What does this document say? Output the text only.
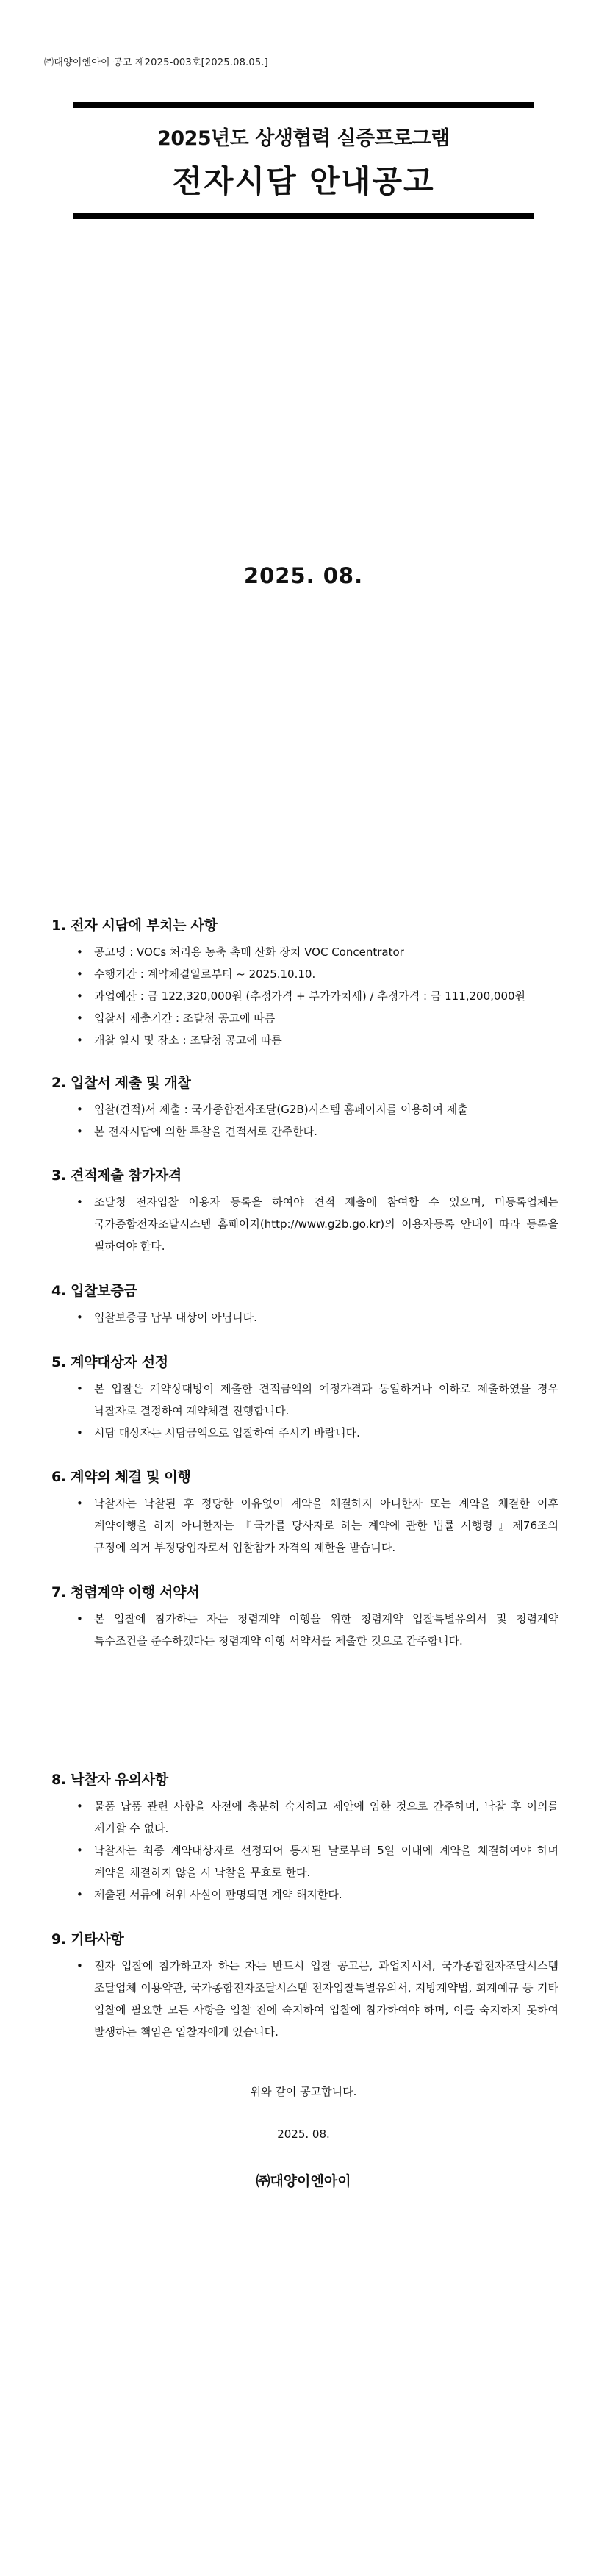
㈜대양이엔아이 공고 제2025-003호[2025.08.05.]
2025년도 상생협력 실증프로그램
전자시담 안내공고
2025. 08.
1. 전자 시담에 부치는 사항
• 공고명 : VOCs 처리용 농축 촉매 산화 장치 VOC Concentrator
• 수행기간 : 계약체결일로부터 ~ 2025.10.10.
• 과업예산 : 금 122,320,000원 (추정가격 + 부가가치세) / 추정가격 : 금 111,200,000원
• 입찰서 제출기간 : 조달청 공고에 따름
• 개찰 일시 및 장소 : 조달청 공고에 따름
2. 입찰서 제출 및 개찰
• 입찰(견적)서 제출 : 국가종합전자조달(G2B)시스템 홈페이지를 이용하여 제출
• 본 전자시담에 의한 투찰을 견적서로 간주한다.
3. 견적제출 참가자격
• 조달청 전자입찰 이용자 등록을 하여야 견적 제출에 참여할 수 있으며, 미등록업체는 국가종합전자조달시스템 홈페이지(http://www.g2b.go.kr)의 이용자등록 안내에 따라 등록을 필하여야 한다.
4. 입찰보증금
• 입찰보증금 납부 대상이 아닙니다.
5. 계약대상자 선정
• 본 입찰은 계약상대방이 제출한 견적금액의 예정가격과 동일하거나 이하로 제출하였을 경우 낙찰자로 결정하여 계약체결 진행합니다.
• 시담 대상자는 시담금액으로 입찰하여 주시기 바랍니다.
6. 계약의 체결 및 이행
• 낙찰자는 낙찰된 후 정당한 이유없이 계약을 체결하지 아니한자 또는 계약을 체결한 이후 계약이행을 하지 아니한자는 『국가를 당사자로 하는 계약에 관한 법률 시행령 』제76조의 규정에 의거 부정당업자로서 입찰참가 자격의 제한을 받습니다.
7. 청렴계약 이행 서약서
• 본 입찰에 참가하는 자는 청렴계약 이행을 위한 청렴계약 입찰특별유의서 및 청렴계약 특수조건을 준수하겠다는 청렴계약 이행 서약서를 제출한 것으로 간주합니다.
8. 낙찰자 유의사항
• 물품 납품 관련 사항을 사전에 충분히 숙지하고 제안에 임한 것으로 간주하며, 낙찰 후 이의를 제기할 수 없다.
• 낙찰자는 최종 계약대상자로 선정되어 통지된 날로부터 5일 이내에 계약을 체결하여야 하며 계약을 체결하지 않을 시 낙찰을 무효로 한다.
• 제출된 서류에 허위 사실이 판명되면 계약 해지한다.
9. 기타사항
• 전자 입찰에 참가하고자 하는 자는 반드시 입찰 공고문, 과업지시서, 국가종합전자조달시스템 조달업체 이용약관, 국가종합전자조달시스템 전자입찰특별유의서, 지방계약법, 회계예규 등 기타 입찰에 필요한 모든 사항을 입찰 전에 숙지하여 입찰에 참가하여야 하며, 이를 숙지하지 못하여 발생하는 책임은 입찰자에게 있습니다.
위와 같이 공고합니다.
2025. 08.
㈜대양이엔아이
